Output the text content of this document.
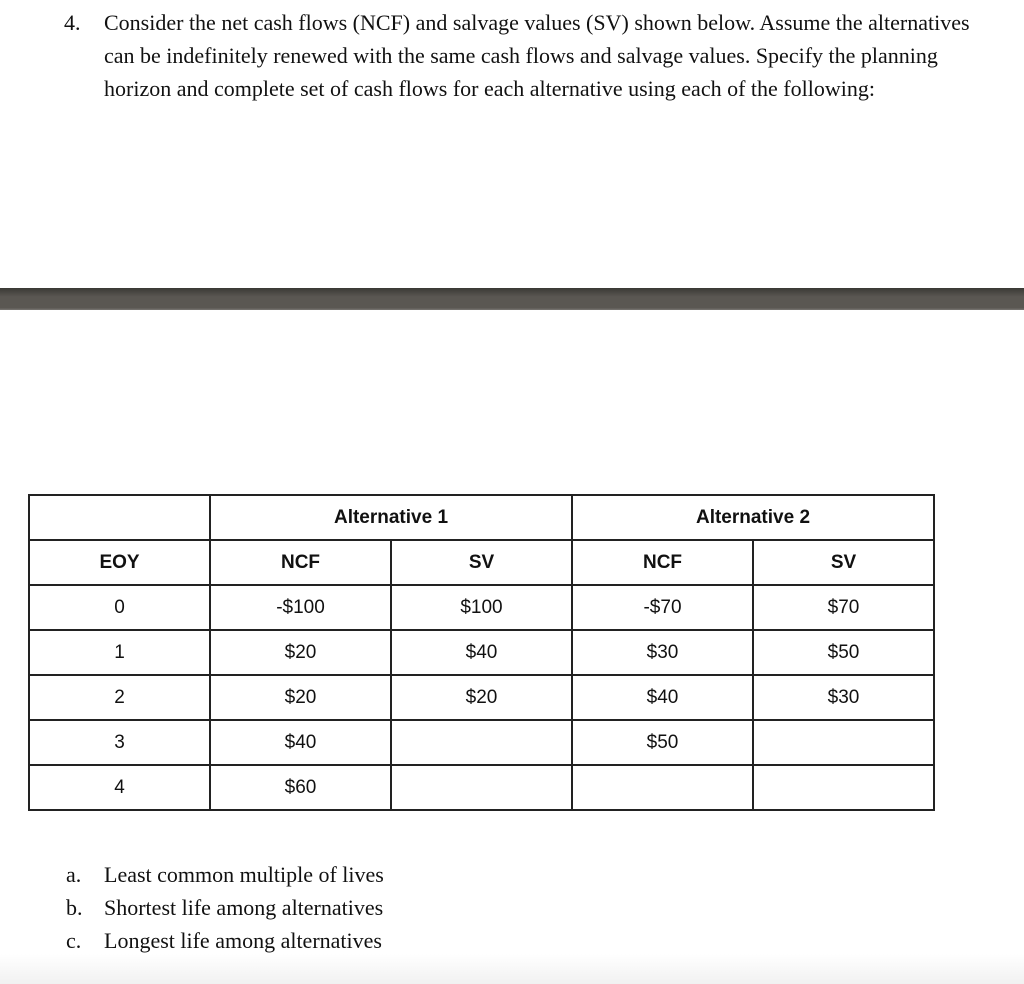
4. Consider the net cash flows (NCF) and salvage values (SV) shown below. Assume the alternatives can be indefinitely renewed with the same cash flows and salvage values. Specify the planning horizon and complete set of cash flows for each alternative using each of the following:
	Alternative 1		Alternative 2	
EOY	NCF	SV	NCF	SV
0	-$100	$100	-$70	$70
1	$20	$40	$30	$50
2	$20	$20	$40	$30
3	$40		$50	
4	$60			
a. Least common multiple of lives
b. Shortest life among alternatives
c. Longest life among alternatives
